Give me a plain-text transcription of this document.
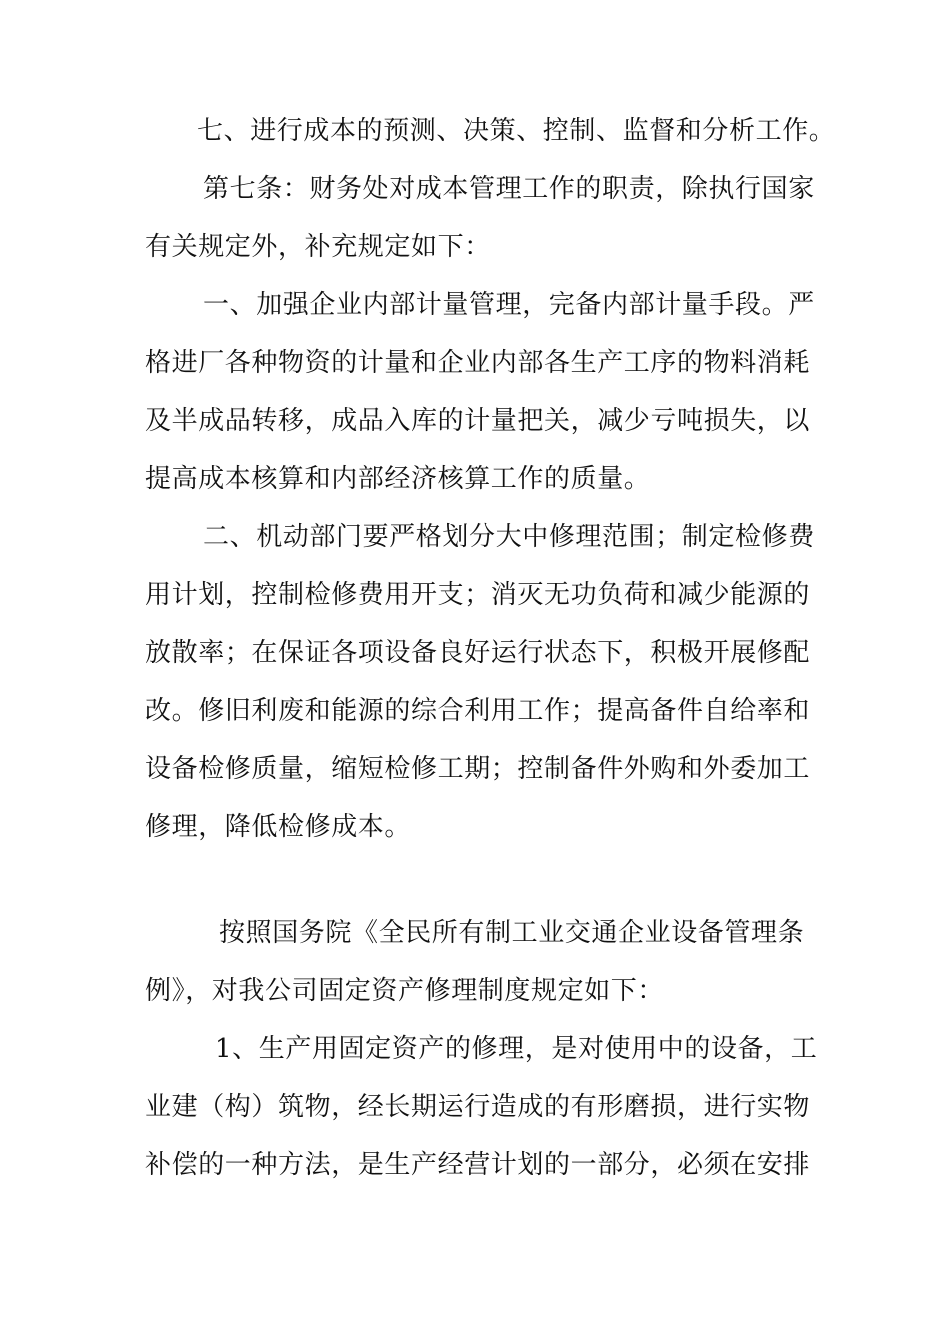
七、进行成本的预测、决策、控制、监督和分析工作。
第七条：财务处对成本管理工作的职责，除执行国家
有关规定外，补充规定如下：
一、加强企业内部计量管理，完备内部计量手段。严
格进厂各种物资的计量和企业内部各生产工序的物料消耗
及半成品转移，成品入库的计量把关，减少亏吨损失，以
提高成本核算和内部经济核算工作的质量。
二、机动部门要严格划分大中修理范围；制定检修费
用计划，控制检修费用开支；消灭无功负荷和减少能源的
放散率；在保证各项设备良好运行状态下，积极开展修配
改。修旧利废和能源的综合利用工作；提高备件自给率和
设备检修质量，缩短检修工期；控制备件外购和外委加工
修理，降低检修成本。
按照国务院《全民所有制工业交通企业设备管理条
例》，对我公司固定资产修理制度规定如下：
1、生产用固定资产的修理，是对使用中的设备，工
业建（构）筑物，经长期运行造成的有形磨损，进行实物
补偿的一种方法，是生产经营计划的一部分，必须在安排
